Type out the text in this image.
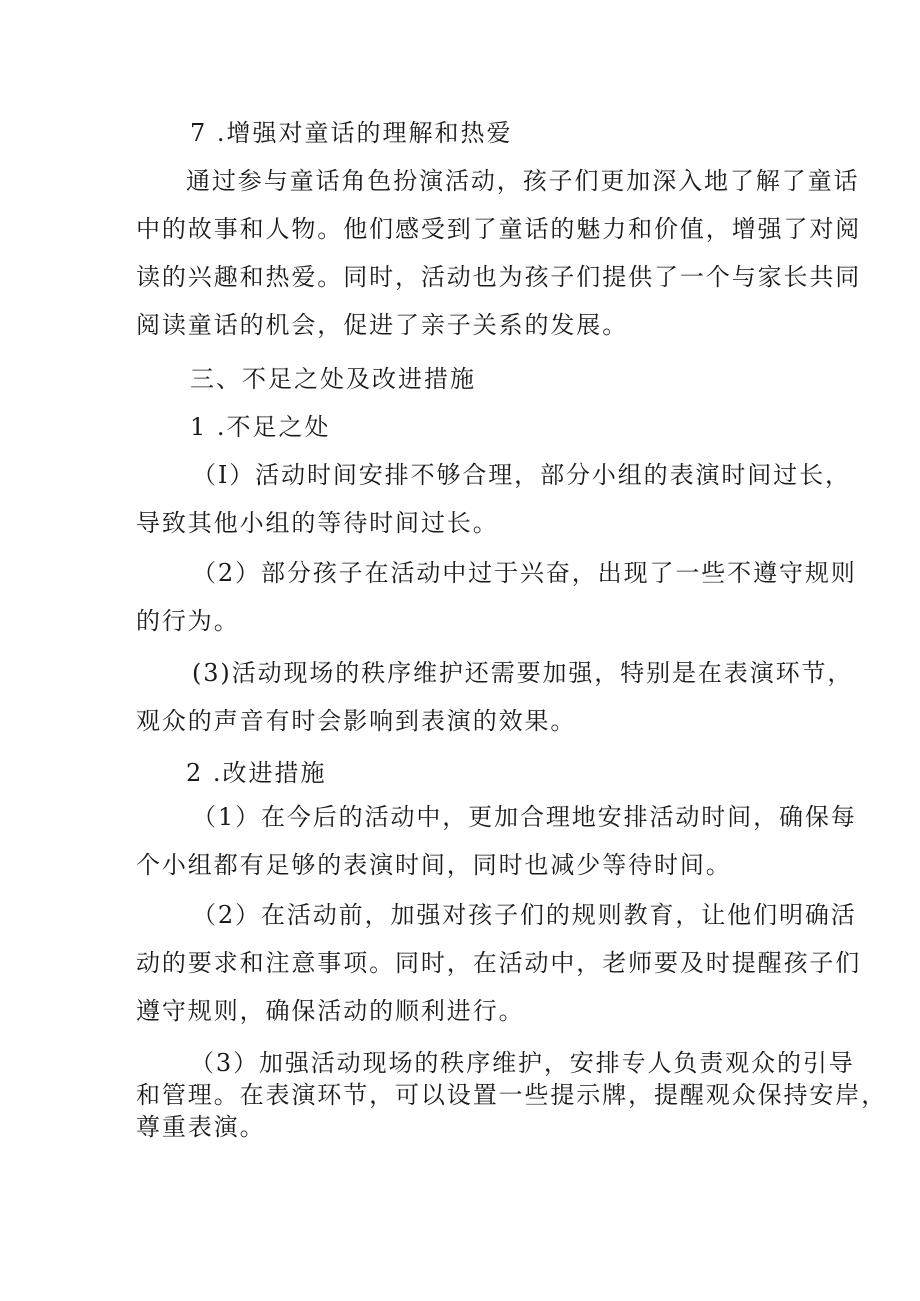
7 .增强对童话的理解和热爱
通过参与童话角色扮演活动，孩子们更加深入地了解了童话
中的故事和人物。他们感受到了童话的魅力和价值，增强了对阅
读的兴趣和热爱。同时，活动也为孩子们提供了一个与家长共同
阅读童话的机会，促进了亲子关系的发展。
三、不足之处及改进措施
1 .不足之处
（I）活动时间安排不够合理，部分小组的表演时间过长，
导致其他小组的等待时间过长。
（2）部分孩子在活动中过于兴奋，出现了一些不遵守规则
的行为。
(3)活动现场的秩序维护还需要加强，特别是在表演环节，
观众的声音有时会影响到表演的效果。
2 .改进措施
（1）在今后的活动中，更加合理地安排活动时间，确保每
个小组都有足够的表演时间，同时也减少等待时间。
（2）在活动前，加强对孩子们的规则教育，让他们明确活
动的要求和注意事项。同时，在活动中，老师要及时提醒孩子们
遵守规则，确保活动的顺利进行。
（3）加强活动现场的秩序维护，安排专人负责观众的引导
和管理。在表演环节，可以设置一些提示牌，提醒观众保持安岸，
尊重表演。
